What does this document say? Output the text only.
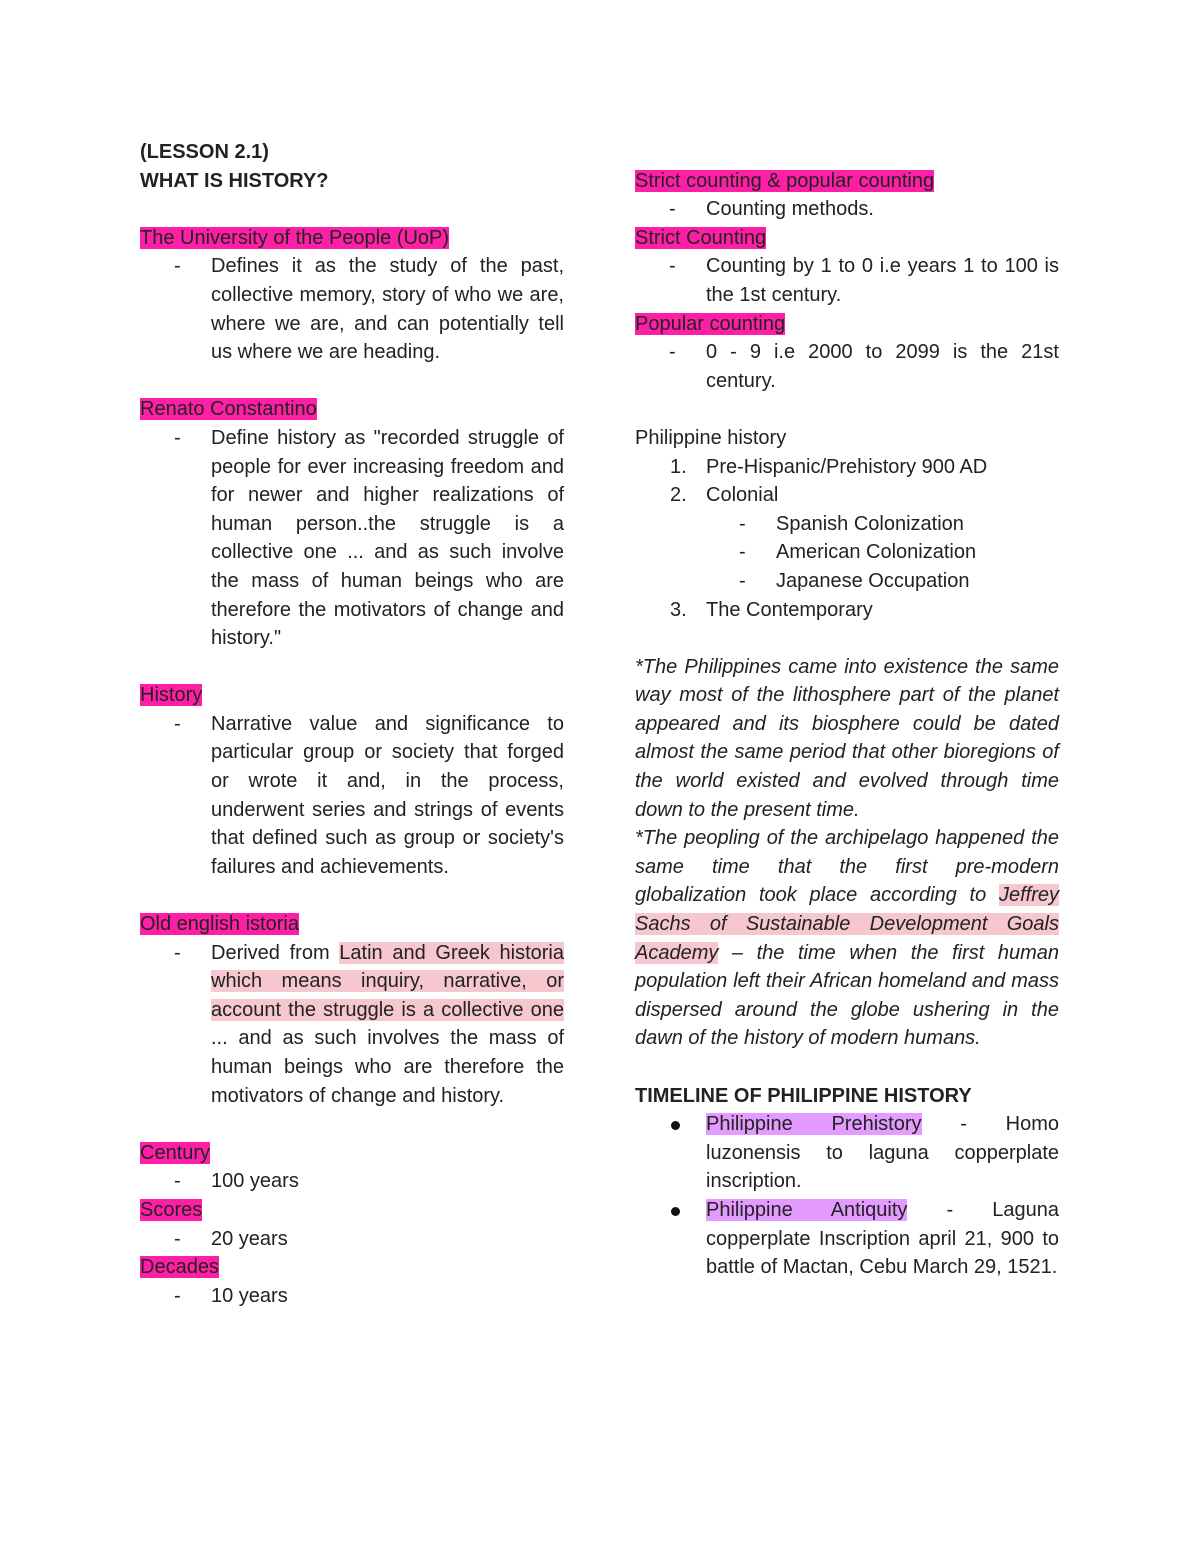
(LESSON 2.1)
WHAT IS HISTORY?
The University of the People (UoP)
- Defines it as the study of the past, collective memory, story of who we are, where we are, and can potentially tell us where we are heading.
Renato Constantino
- Define history as "recorded struggle of people for ever increasing freedom and for newer and higher realizations of human person..the struggle is a collective one ... and as such involve the mass of human beings who are therefore the motivators of change and history."
History
- Narrative value and significance to particular group or society that forged or wrote it and, in the process, underwent series and strings of events that defined such as group or society's failures and achievements.
Old english istoria
- Derived from Latin and Greek historia which means inquiry, narrative, or account the struggle is a collective one ... and as such involves the mass of human beings who are therefore the motivators of change and history.
Century
- 100 years
Scores
- 20 years
Decades
- 10 years
Strict counting & popular counting
- Counting methods.
Strict Counting
- Counting by 1 to 0 i.e years 1 to 100 is the 1st century.
Popular counting
- 0 - 9 i.e 2000 to 2099 is the 21st century.
Philippine history
1. Pre-Hispanic/Prehistory 900 AD
2. Colonial
- Spanish Colonization
- American Colonization
- Japanese Occupation
3. The Contemporary
*The Philippines came into existence the same way most of the lithosphere part of the planet appeared and its biosphere could be dated almost the same period that other bioregions of the world existed and evolved through time down to the present time.
*The peopling of the archipelago happened the same time that the first pre-modern globalization took place according to Jeffrey Sachs of Sustainable Development Goals Academy – the time when the first human population left their African homeland and mass dispersed around the globe ushering in the dawn of the history of modern humans.
TIMELINE OF PHILIPPINE HISTORY
Philippine Prehistory - Homo luzonensis to laguna copperplate inscription.
Philippine Antiquity - Laguna copperplate Inscription april 21, 900 to battle of Mactan, Cebu March 29, 1521.
